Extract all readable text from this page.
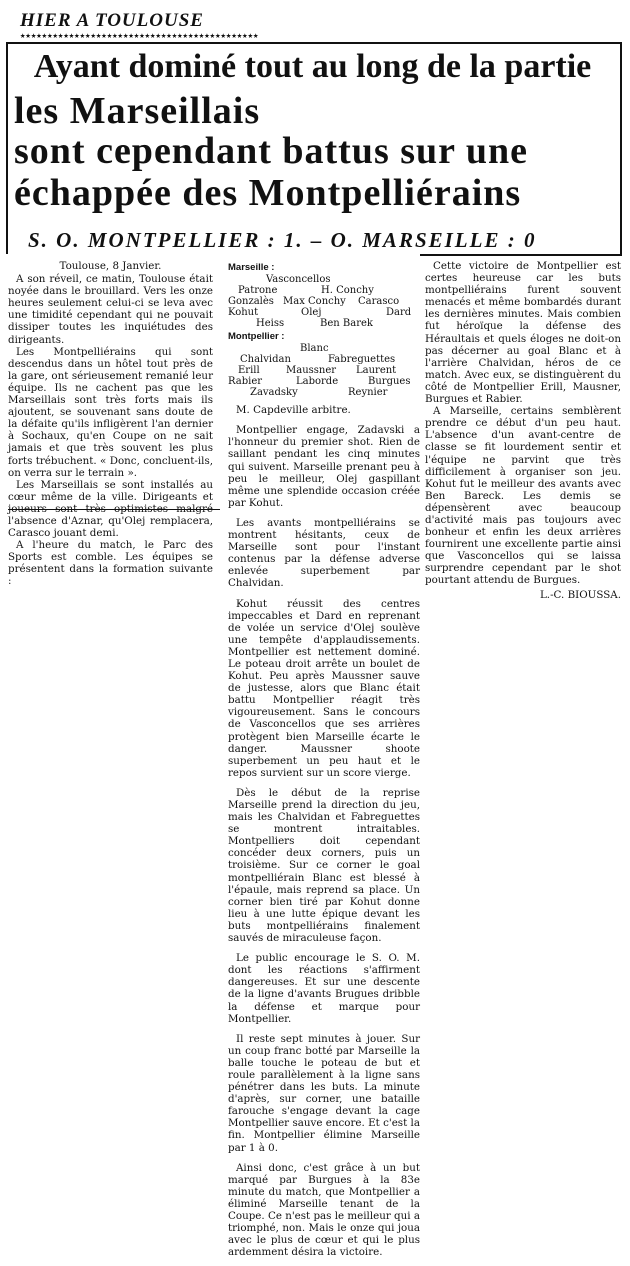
HIER A TOULOUSE
★★★★★★★★★★★★★★★★★★★★★★★★★★★★★★★★★★★★★★★★★★★★
Ayant dominé tout au long de la partie
les Marseillais
sont cependant battus sur une
échappée des Montpelliérains
S. O. MONTPELLIER : 1. – O. MARSEILLE : 0

Toulouse, 8 Janvier.

A son réveil, ce matin, Toulouse était noyée dans le brouillard. Vers les onze heures seulement celui-ci se leva avec une timidité cependant qui ne pouvait dissiper toutes les inquiétudes des dirigeants.

Les Montpelliérains qui sont descendus dans un hôtel tout près de la gare, ont sérieusement remanié leur équipe. Ils ne cachent pas que les Marseillais sont très forts mais ils ajoutent, se souvenant sans doute de la défaite qu'ils infligèrent l'an dernier à Sochaux, qu'en Coupe on ne sait jamais et que très souvent les plus forts trébuchent. « Donc, concluent-ils, on verra sur le terrain ».

Les Marseillais se sont installés au cœur même de la ville. Dirigeants et joueurs sont très optimistes malgré l'absence d'Aznar, qu'Olej remplacera, Carasco jouant demi.

A l'heure du match, le Parc des Sports est comble. Les équipes se présentent dans la formation suivante :

Marseille :
Vasconcellos
Patrone	H. Conchy
Gonzalès Max Conchy Carasco
Kohut	Olej	Dard
Heiss	Ben Barek
Montpellier :
Blanc
Chalvidan	Fabreguettes
Erill	Maussner Laurent
Rabier	Laborde	Burgues
Zavadsky	Reynier
M. Capdeville arbitre.

Montpellier engage, Zadavski a l'honneur du premier shot. Rien de saillant pendant les cinq minutes qui suivent. Marseille prenant peu à peu le meilleur, Olej gaspillant même une splendide occasion créée par Kohut.

Les avants montpelliérains se montrent hésitants, ceux de Marseille sont pour l'instant contenus par la défense adverse enlevée superbement par Chalvidan.

Kohut réussit des centres impeccables et Dard en reprenant de volée un service d'Olej soulève une tempête d'applaudissements. Montpellier est nettement dominé. Le poteau droit arrête un boulet de Kohut. Peu après Maussner sauve de justesse, alors que Blanc était battu Montpellier réagit très vigoureusement. Sans le concours de Vasconcellos que ses arrières protègent bien Marseille écarte le danger. Maussner shoote superbement un peu haut et le repos survient sur un score vierge.

Dès le début de la reprise Marseille prend la direction du jeu, mais les Chalvidan et Fabreguettes se montrent intraitables. Montpelliers doit cependant concéder deux corners, puis un troisième. Sur ce corner le goal montpelliérain Blanc est blessé à l'épaule, mais reprend sa place. Un corner bien tiré par Kohut donne lieu à une lutte épique devant les buts montpelliérains finalement sauvés de miraculeuse façon.

Le public encourage le S. O. M. dont les réactions s'affirment dangereuses. Et sur une descente de la ligne d'avants Brugues dribble la défense et marque pour Montpellier.

Il reste sept minutes à jouer. Sur un coup franc botté par Marseille la balle touche le poteau de but et roule parallèlement à la ligne sans pénétrer dans les buts. La minute d'après, sur corner, une bataille farouche s'engage devant la cage Montpellier sauve encore. Et c'est la fin. Montpellier élimine Marseille par 1 à 0.

Ainsi donc, c'est grâce à un but marqué par Burgues à la 83e minute du match, que Montpellier a éliminé Marseille tenant de la Coupe. Ce n'est pas le meilleur qui a triomphé, non. Mais le onze qui joua avec le plus de cœur et qui le plus ardemment désira la victoire.

Cette victoire de Montpellier est certes heureuse car les buts montpelliérains furent souvent menacés et même bombardés durant les dernières minutes. Mais combien fut héroïque la défense des Héraultais et quels éloges ne doit-on pas décerner au goal Blanc et à l'arrière Chalvidan, héros de ce match. Avec eux, se distinguèrent du côté de Montpellier Erill, Mausner, Burgues et Rabier.

A Marseille, certains semblèrent prendre ce début d'un peu haut. L'absence d'un avant-centre de classe se fit lourdement sentir et l'équipe ne parvint que très difficilement à organiser son jeu. Kohut fut le meilleur des avants avec Ben Bareck. Les demis se dépensèrent avec beaucoup d'activité mais pas toujours avec bonheur et enfin les deux arrières fournirent une excellente partie ainsi que Vasconcellos qui se laissa surprendre cependant par le shot pourtant attendu de Burgues.

L.-C. BIOUSSA.
